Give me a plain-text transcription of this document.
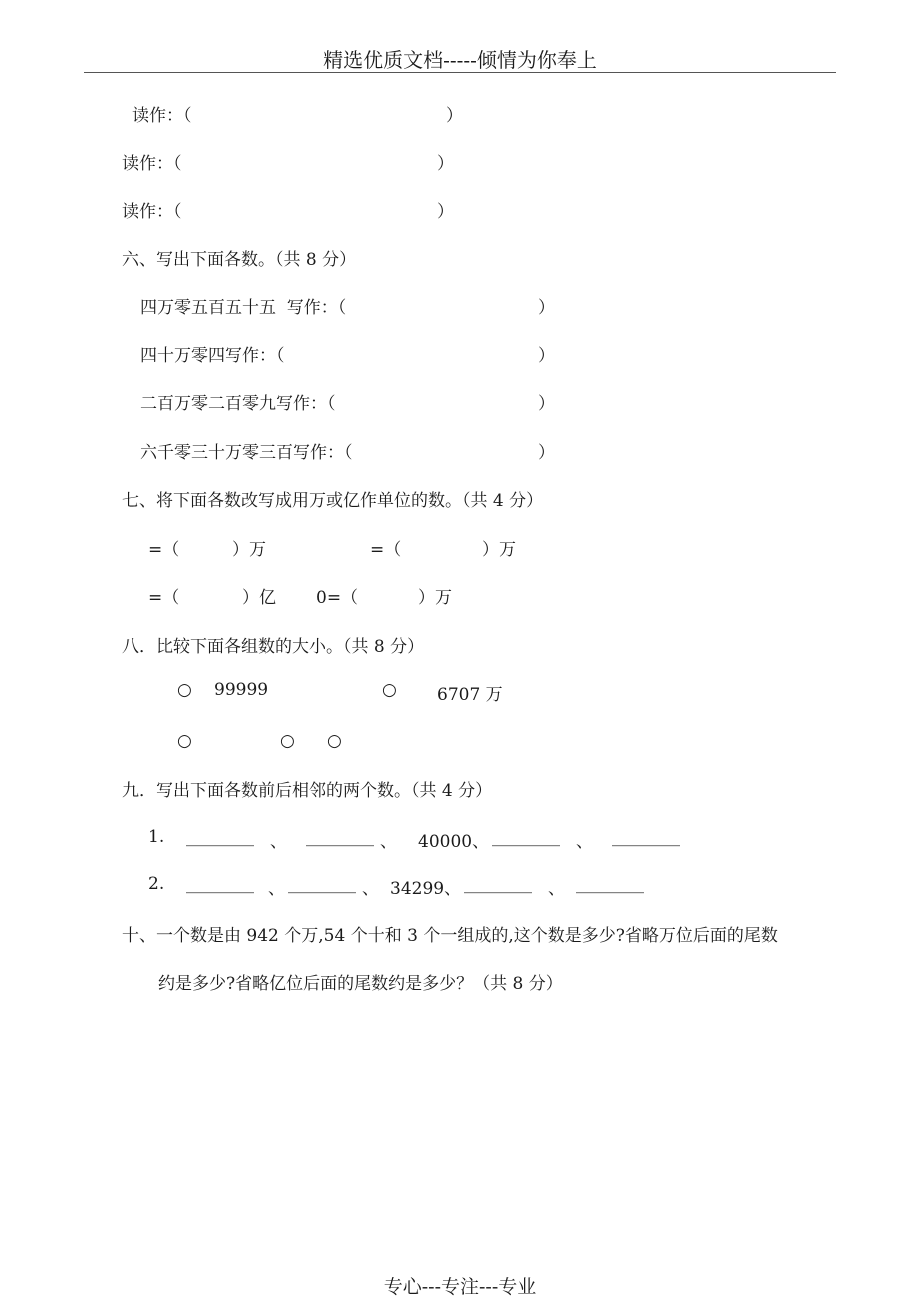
精选优质文档-----倾情为你奉上
读作：（	）
读作：（	）
读作：（	）
六、写出下面各数。（共 8 分）
四万零五百五十五  写作：（	）
四十万零四写作：（	）
二百万零二百零九写作：（	）
六千零三十万零三百写作：（	）
七、将下面各数改写成用万或亿作单位的数。（共 4 分）
=（	）万	=（	）万
=（	）亿 0=（	）万
八．比较下面各组数的大小。（共 8 分）
○ 99999	○ 6707 万
○	○ ○
九．写出下面各数前后相邻的两个数。（共 4 分）
1. ________ 、 ________ 、 40000、 ________ 、 ________
2. ________ 、 ________ 、 34299、 ________ 、 ________
十、一个数是由 942 个万,54 个十和 3 个一组成的,这个数是多少?省略万位后面的尾数
约是多少?省略亿位后面的尾数约是多少？（共 8 分）
专心---专注---专业
